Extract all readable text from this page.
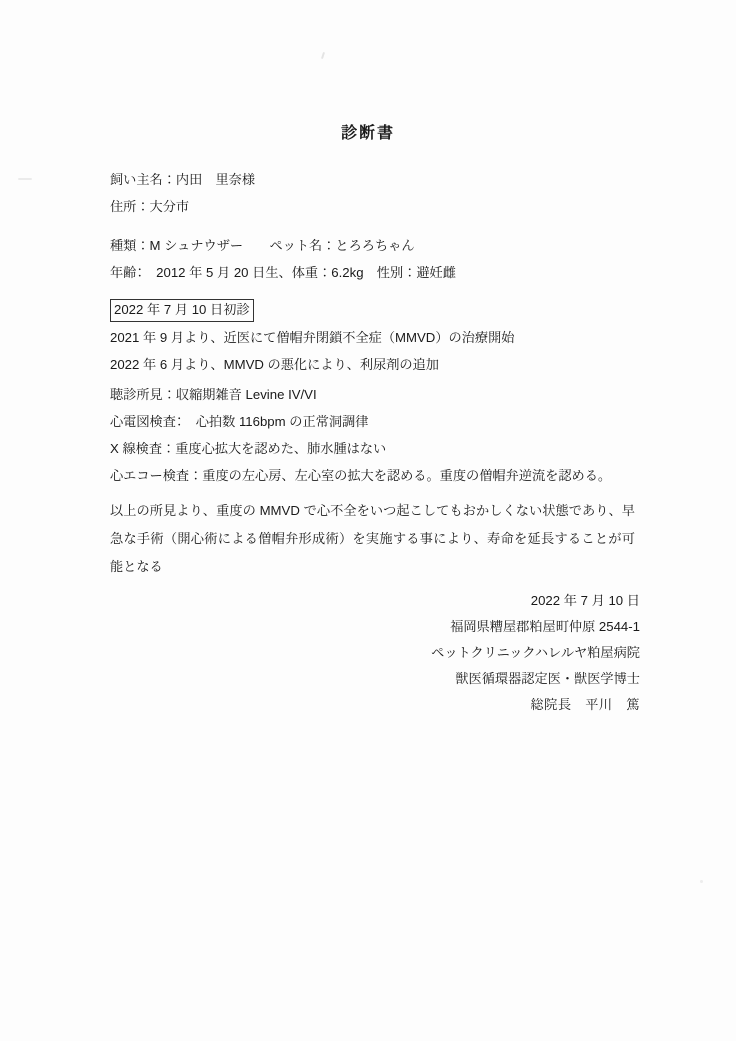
診断書
飼い主名：内田　里奈様
住所：大分市
種類：M シュナウザー　　ペット名：とろろちゃん
年齢：　2012 年 5 月 20 日生、体重：6.2kg　性別：避妊雌
2022 年 7 月 10 日初診
2021 年 9 月より、近医にて僧帽弁閉鎖不全症（MMVD）の治療開始
2022 年 6 月より、MMVD の悪化により、利尿剤の追加
聴診所見：収縮期雑音 Levine IV/VI
心電図検査：　心拍数 116bpm の正常洞調律
X 線検査：重度心拡大を認めた、肺水腫はない
心エコー検査：重度の左心房、左心室の拡大を認める。重度の僧帽弁逆流を認める。
以上の所見より、重度の MMVD で心不全をいつ起こしてもおかしくない状態であり、早急な手術（開心術による僧帽弁形成術）を実施する事により、寿命を延長することが可能となる
2022 年 7 月 10 日
福岡県糟屋郡粕屋町仲原 2544-1
ペットクリニックハレルヤ粕屋病院
獣医循環器認定医・獣医学博士
総院長　平川　篤
